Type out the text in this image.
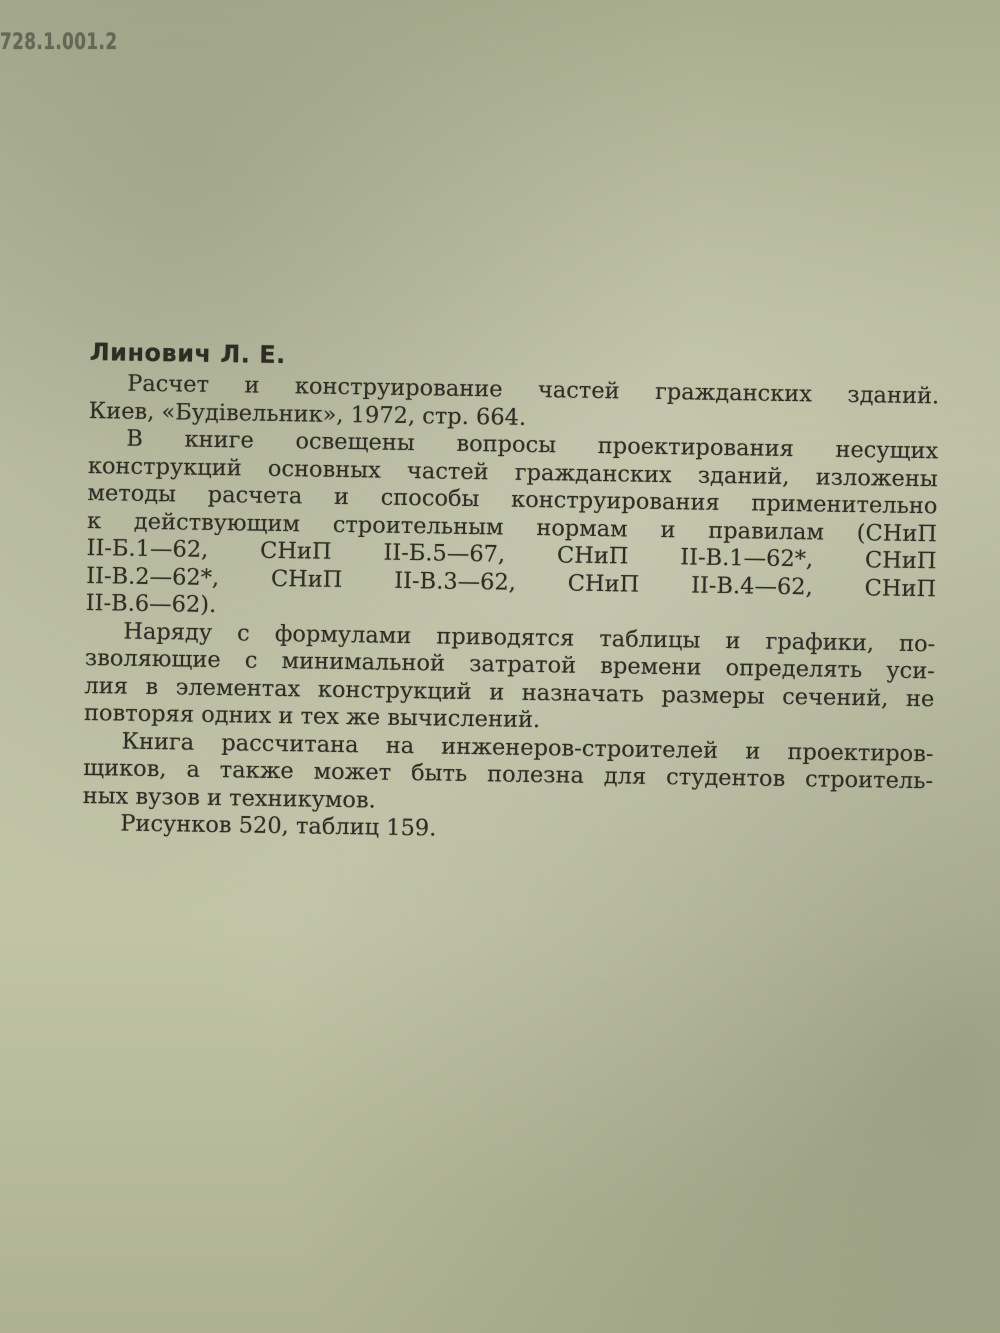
728.1.001.2
Линович Л. Е.
Расчет и конструирование частей гражданских зданий.
Киев, «Будiвельник», 1972, стр. 664.
В книге освещены вопросы проектирования несущих
конструкций основных частей гражданских зданий, изложены
методы расчета и способы конструирования применительно
к действующим строительным нормам и правилам (СНиП
II-Б.1—62, СНиП II-Б.5—67, СНиП II-В.1—62*, СНиП
II-В.2—62*, СНиП II-В.3—62, СНиП II-В.4—62, СНиП
II-В.6—62).
Наряду с формулами приводятся таблицы и графики, по-
зволяющие с минимальной затратой времени определять уси-
лия в элементах конструкций и назначать размеры сечений, не
повторяя одних и тех же вычислений.
Книга рассчитана на инженеров-строителей и проектиров-
щиков, а также может быть полезна для студентов строитель-
ных вузов и техникумов.
Рисунков 520, таблиц 159.
